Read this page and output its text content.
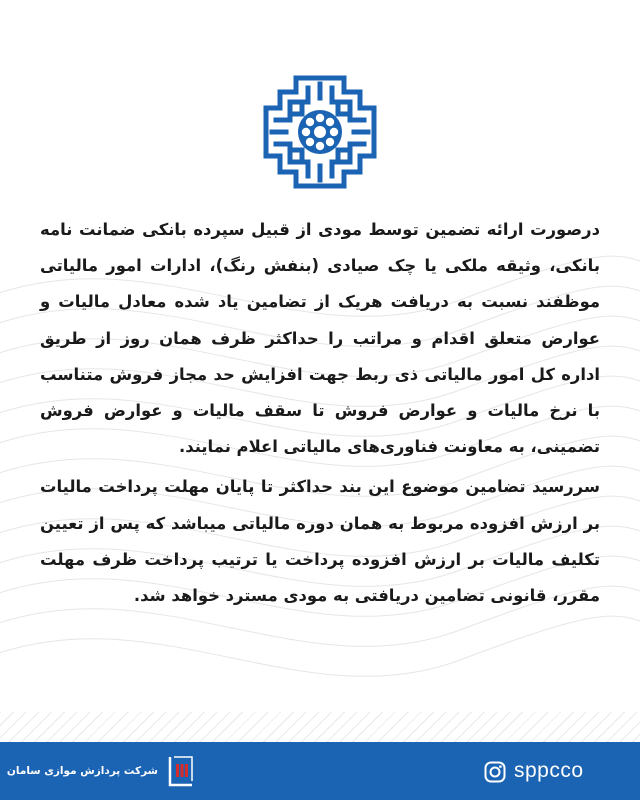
درصورت ارائه تضمین توسط مودی از قبیل سپرده بانکی ضمانت نامه بانکی، وثیقه ملکی یا چک صیادی (بنفش رنگ)، ادارات امور مالیاتی موظفند نسبت به دریافت هریک از تضامین یاد شده معادل مالیات و عوارض متعلق اقدام و مراتب را حداکثر ظرف همان روز از طریق اداره کل امور مالیاتی ذی ربط جهت افزایش حد مجاز فروش متناسب با نرخ مالیات و عوارض فروش تا سقف مالیات و عوارض فروش تضمینی، به معاونت فناوری‌های مالیاتی اعلام نمایند.

سررسید تضامین موضوع این بند حداکثر تا پایان مهلت پرداخت مالیات بر ارزش افزوده مربوط به همان دوره مالیاتی میباشد که پس از تعیین تکلیف مالیات بر ارزش افزوده پرداخت یا ترتیب پرداخت ظرف مهلت مقرر، قانونی تضامین دریافتی به مودی مسترد خواهد شد.

sppcco
شرکت پردازش موازی سامان
